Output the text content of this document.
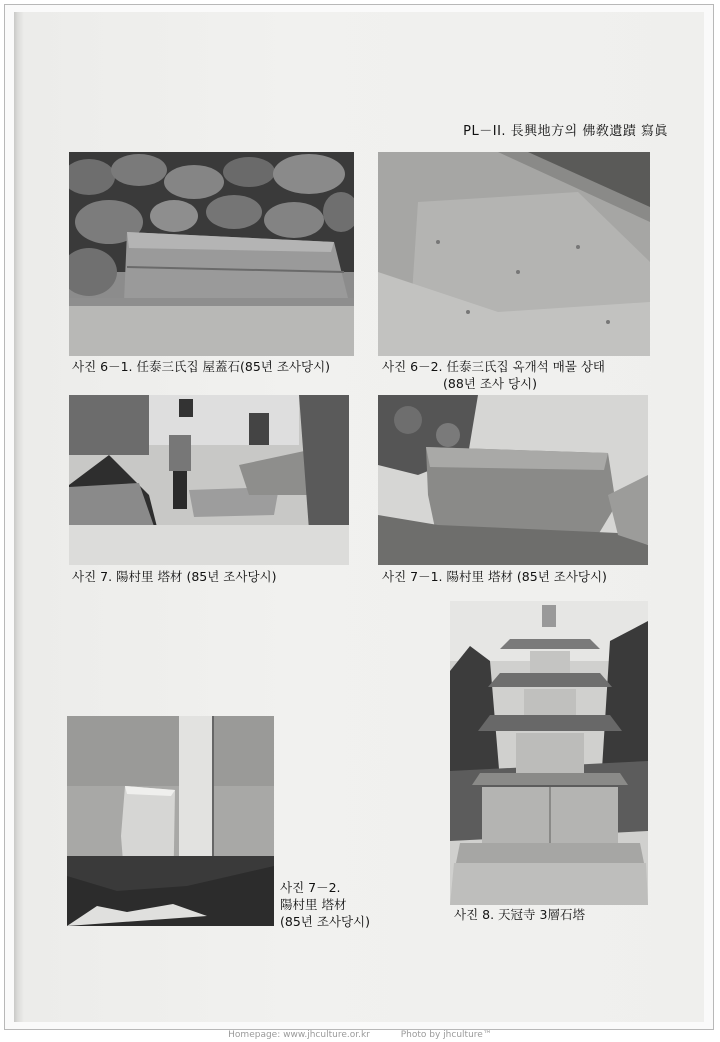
PL－II. 長興地方의 佛敎遺蹟 寫眞
사진 6－1. 任泰三氏집 屋蓋石(85년 조사당시)	사진 6－2. 任泰三氏집 옥개석 매몰 상태
(88년 조사 당시)
사진 7. 陽村里 塔材 (85년 조사당시)	사진 7－1. 陽村里 塔材 (85년 조사당시)
사진 8. 天冠寺 3層石塔
사진 7－2.
陽村里 塔材
(85년 조사당시)
Homepage: www.jhculture.or.kr	Photo by jhculture™
